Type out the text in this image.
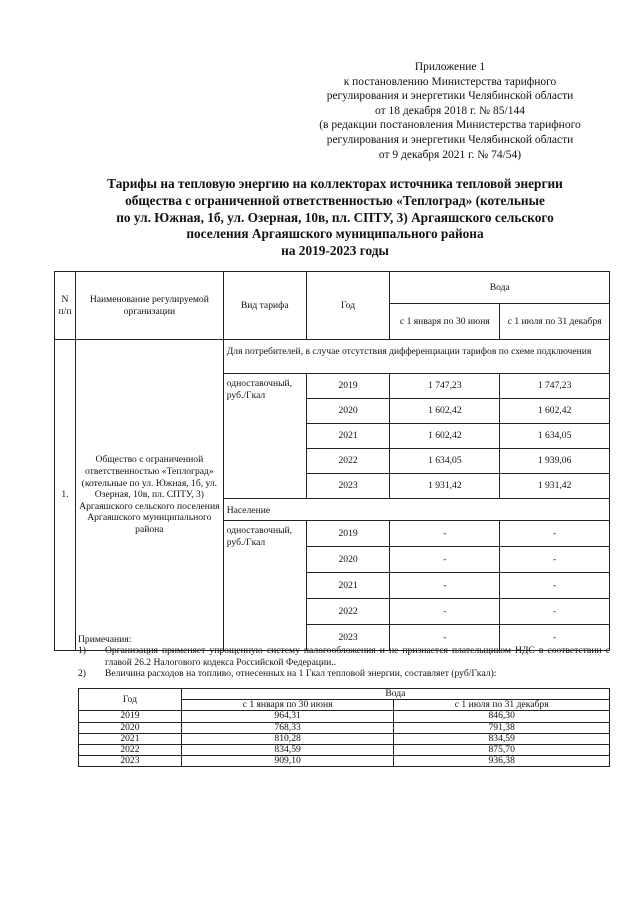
Приложение 1
к постановлению Министерства тарифного
регулирования и энергетики Челябинской области
от 18 декабря 2018 г. № 85/144
(в редакции постановления Министерства тарифного
регулирования и энергетики Челябинской области
от 9 декабря 2021 г. № 74/54)
Тарифы на тепловую энергию на коллекторах источника тепловой энергии
общества с ограниченной ответственностью «Теплоград» (котельные
по ул. Южная, 1б, ул. Озерная, 10в, пл. СПТУ, 3) Аргаяшского сельского
поселения Аргаяшского муниципального района
на 2019-2023 годы
N п/п	Наименование регулируемой организации	Вид тарифа	Год	Вода	
				с 1 января по 30 июня	с 1 июля по 31 декабря
1.	Общество с ограниченной ответственностью «Теплоград» (котельные по ул. Южная, 1б, ул. Озерная, 10в, пл. СПТУ, 3) Аргаяшского сельского поселения Аргаяшского муниципального района	Для потребителей, в случае отсутствия дифференциации тарифов по схеме подключения			
		одноставочный, руб./Гкал	2019	1 747,23	1 747,23
			2020	1 602,42	1 602,42
			2021	1 602,42	1 634,05
			2022	1 634,05	1 939,06
			2023	1 931,42	1 931,42
		Население			
		одноставочный, руб./Гкал	2019	-	-
			2020	-	-
			2021	-	-
			2022	-	-
			2023	-	-
Примечания:
1)	Организация применяет упрощенную систему налогообложения и не признается плательщиком НДС в соответствии с главой 26.2 Налогового кодекса Российской Федерации..
2)	Величина расходов на топливо, отнесенных на 1 Гкал тепловой энергии, составляет (руб/Гкал):
Год	Вода	
	с 1 января по 30 июня	с 1 июля по 31 декабря
2019	964,31	846,30
2020	768,33	791,38
2021	810,28	834,59
2022	834,59	875,70
2023	909,10	936,38
